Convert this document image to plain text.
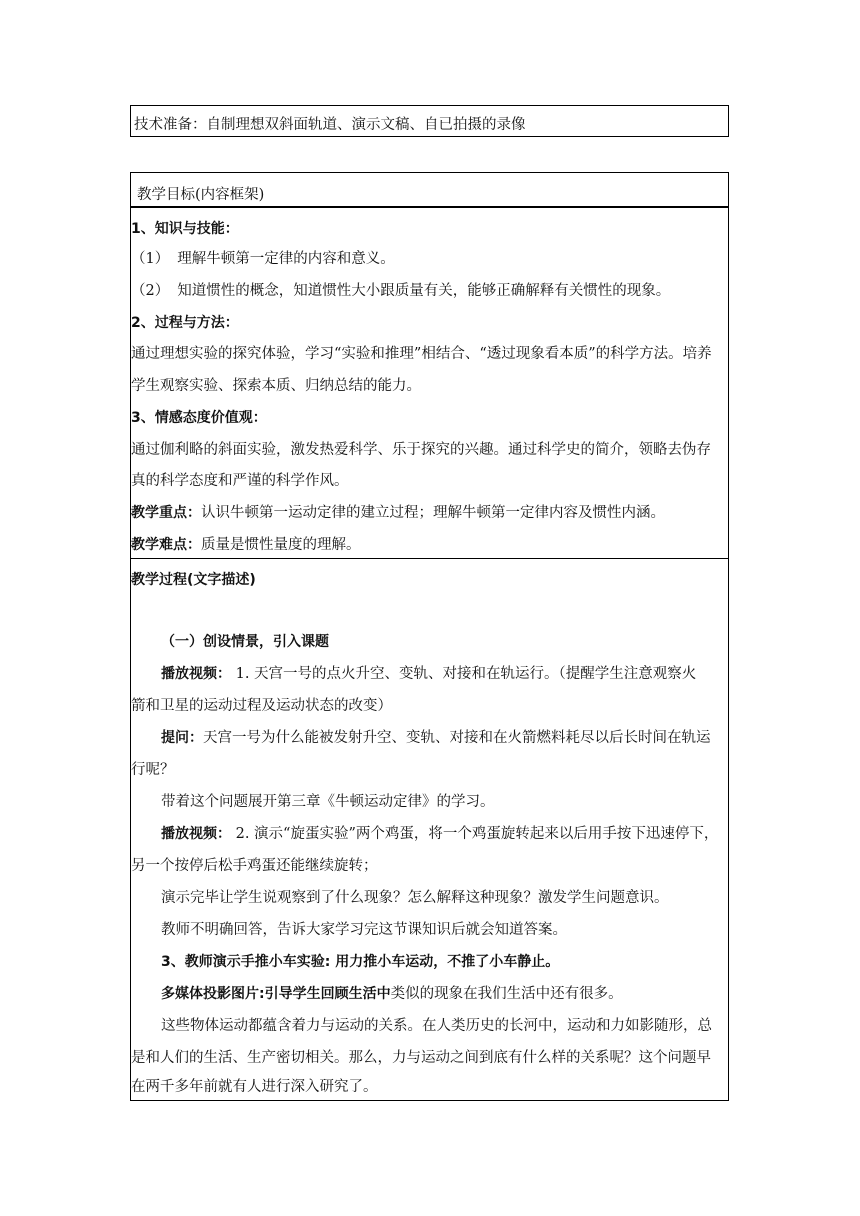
技术准备：自制理想双斜面轨道、演示文稿、自已拍摄的录像
教学目标(内容框架)
1、知识与技能：
（1） 理解牛顿第一定律的内容和意义。
（2） 知道惯性的概念，知道惯性大小跟质量有关，能够正确解释有关惯性的现象。
2、过程与方法：
通过理想实验的探究体验，学习“实验和推理”相结合、“透过现象看本质”的科学方法。培养
学生观察实验、探索本质、归纳总结的能力。
3、情感态度价值观：
通过伽利略的斜面实验，激发热爱科学、乐于探究的兴趣。通过科学史的简介，领略去伪存
真的科学态度和严谨的科学作风。
教学重点：认识牛顿第一运动定律的建立过程；理解牛顿第一定律内容及惯性内涵。
教学难点：质量是惯性量度的理解。
教学过程(文字描述)
（一）创设情景，引入课题
播放视频： 1. 天宫一号的点火升空、变轨、对接和在轨运行。（提醒学生注意观察火
箭和卫星的运动过程及运动状态的改变）
提问：天宫一号为什么能被发射升空、变轨、对接和在火箭燃料耗尽以后长时间在轨运
行呢？
带着这个问题展开第三章《牛顿运动定律》的学习。
播放视频： 2. 演示“旋蛋实验”两个鸡蛋，将一个鸡蛋旋转起来以后用手按下迅速停下，
另一个按停后松手鸡蛋还能继续旋转；
演示完毕让学生说观察到了什么现象？怎么解释这种现象？激发学生问题意识。
教师不明确回答，告诉大家学习完这节课知识后就会知道答案。
3、教师演示手推小车实验: 用力推小车运动，不推了小车静止。
多媒体投影图片:引导学生回顾生活中类似的现象在我们生活中还有很多。
这些物体运动都蕴含着力与运动的关系。在人类历史的长河中，运动和力如影随形，总
是和人们的生活、生产密切相关。那么，力与运动之间到底有什么样的关系呢？这个问题早
在两千多年前就有人进行深入研究了。
